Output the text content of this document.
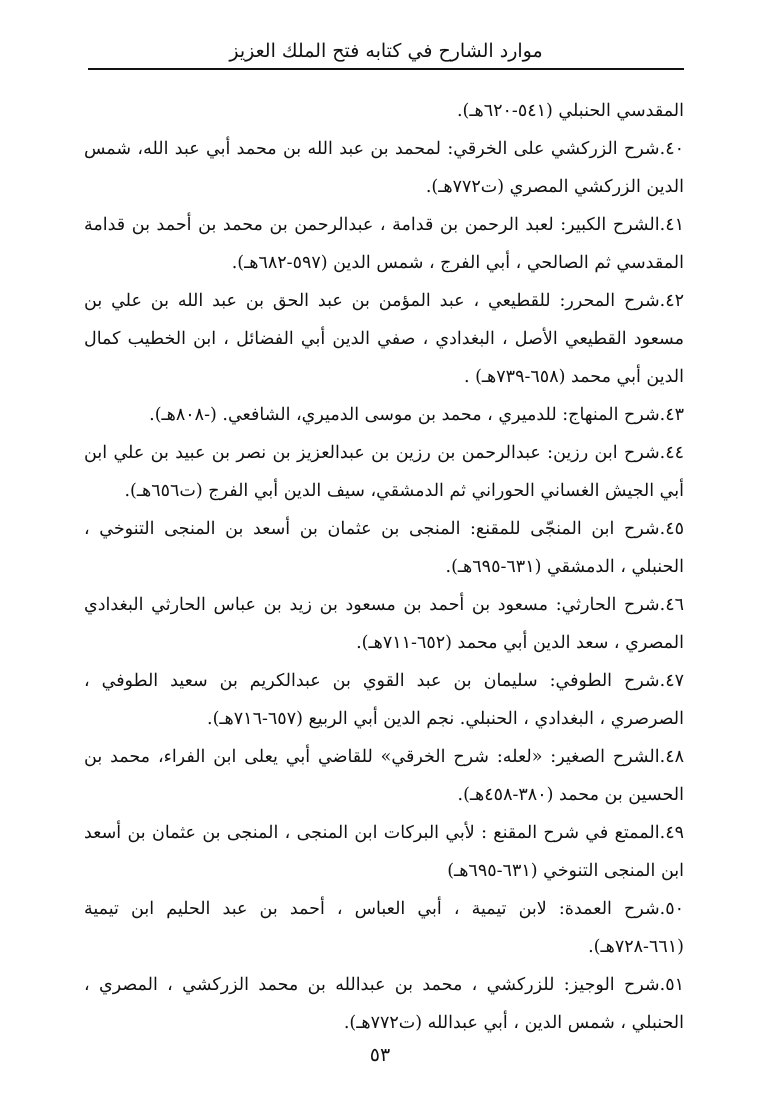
موارد الشارح في كتابه فتح الملك العزيز

المقدسي الحنبلي (٥٤١-٦٢٠هـ).

٤٠.شرح الزركشي على الخرقي: لمحمد بن عبد الله بن محمد أبي عبد الله، شمس الدين الزركشي المصري (ت٧٧٢هـ).

٤١.الشرح الكبير: لعبد الرحمن بن قدامة ، عبدالرحمن بن محمد بن أحمد بن قدامة المقدسي ثم الصالحي ، أبي الفرج ، شمس الدين (٥٩٧-٦٨٢هـ).

٤٢.شرح المحرر: للقطيعي ، عبد المؤمن بن عبد الحق بن عبد الله بن علي بن مسعود القطيعي الأصل ، البغدادي ، صفي الدين أبي الفضائل ، ابن الخطيب كمال الدين أبي محمد (٦٥٨-٧٣٩هـ) .

٤٣.شرح المنهاج: للدميري ، محمد بن موسى الدميري، الشافعي. (-٨٠٨هـ).

٤٤.شرح ابن رزين: عبدالرحمن بن رزين بن عبدالعزيز بن نصر بن عبيد بن علي ابن أبي الجيش الغساني الحوراني ثم الدمشقي، سيف الدين أبي الفرج (ت٦٥٦هـ).

٤٥.شرح ابن المنجّى للمقنع: المنجى بن عثمان بن أسعد بن المنجى التنوخي ، الحنبلي ، الدمشقي (٦٣١-٦٩٥هـ).

٤٦.شرح الحارثي: مسعود بن أحمد بن مسعود بن زيد بن عباس الحارثي البغدادي المصري ، سعد الدين أبي محمد (٦٥٢-٧١١هـ).

٤٧.شرح الطوفي: سليمان بن عبد القوي بن عبدالكريم بن سعيد الطوفي ، الصرصري ، البغدادي ، الحنبلي. نجم الدين أبي الربيع (٦٥٧-٧١٦هـ).

٤٨.الشرح الصغير: «لعله: شرح الخرقي» للقاضي أبي يعلى ابن الفراء، محمد بن الحسين بن محمد (٣٨٠-٤٥٨هـ).

٤٩.الممتع في شرح المقنع : لأبي البركات ابن المنجى ، المنجى بن عثمان بن أسعد ابن المنجى التنوخي (٦٣١-٦٩٥هـ)

٥٠.شرح العمدة: لابن تيمية ، أبي العباس ، أحمد بن عبد الحليم ابن تيمية (٦٦١-٧٢٨هـ).

٥١.شرح الوجيز: للزركشي ، محمد بن عبدالله بن محمد الزركشي ، المصري ، الحنبلي ، شمس الدين ، أبي عبدالله (ت٧٧٢هـ).

٥٣
